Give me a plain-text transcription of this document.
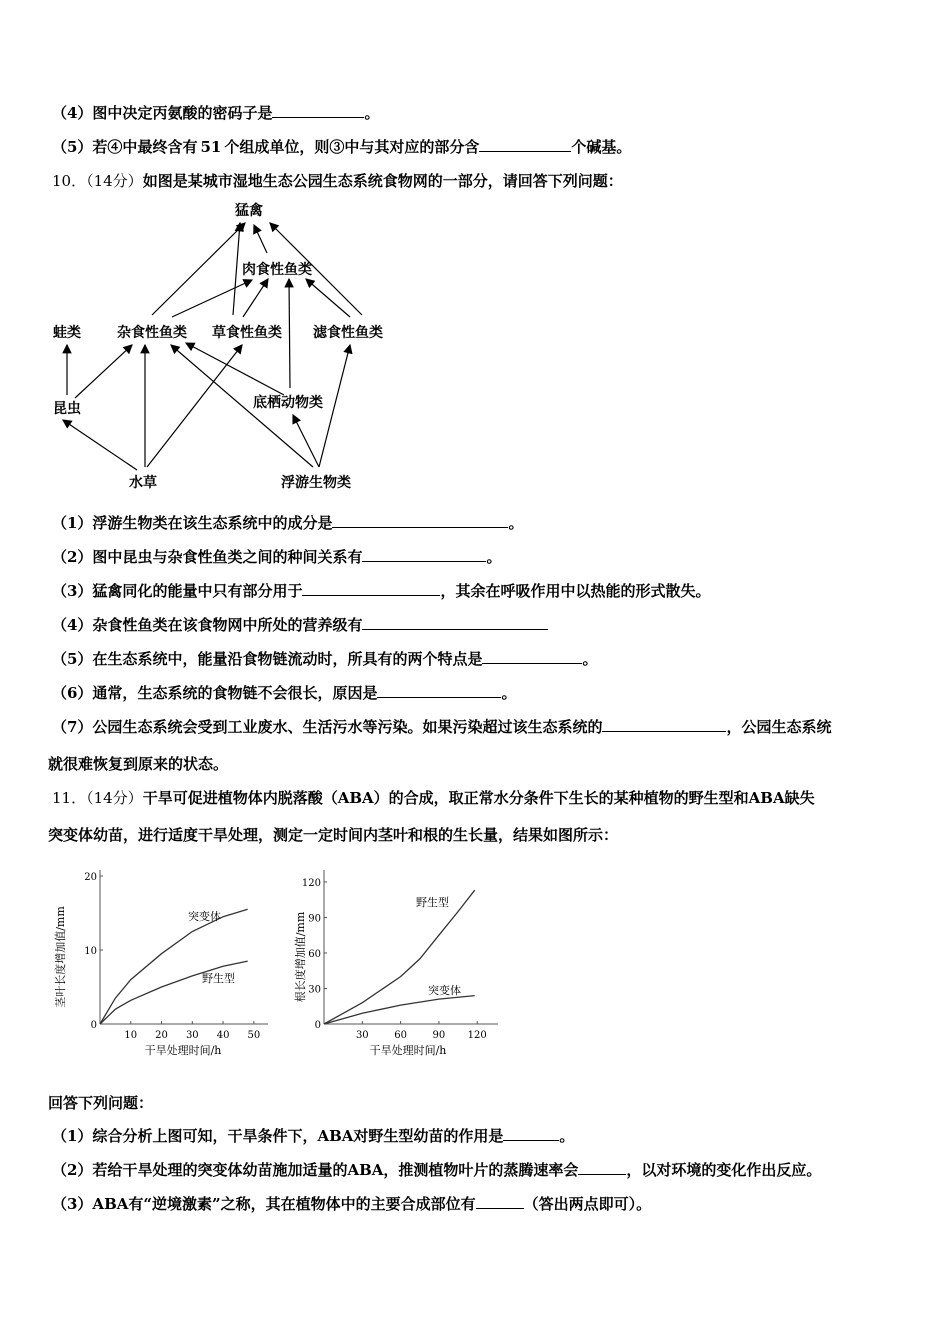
（4）图中决定丙氨酸的密码子是	。
（5）若④中最终含有 51 个组成单位，则③中与其对应的部分含	个碱基。
10．（14分）如图是某城市湿地生态公园生态系统食物网的一部分，请回答下列问题：
猛禽
肉食性鱼类
蛙类	杂食性鱼类 草食性鱼类 滤食性鱼类
昆虫	底栖动物类
水草	浮游生物类
（1）浮游生物类在该生态系统中的成分是	。
（2）图中昆虫与杂食性鱼类之间的种间关系有	。
（3）猛禽同化的能量中只有部分用于	，其余在呼吸作用中以热能的形式散失。
（4）杂食性鱼类在该食物网中所处的营养级有
（5）在生态系统中，能量沿食物链流动时，所具有的两个特点是	。
（6）通常，生态系统的食物链不会很长，原因是	。
（7）公园生态系统会受到工业废水、生活污水等污染。如果污染超过该生态系统的	，公园生态系统
就很难恢复到原来的状态。
11．（14分）干旱可促进植物体内脱落酸（ABA）的合成，取正常水分条件下生长的某种植物的野生型和ABA缺失
突变体幼苗，进行适度干旱处理，测定一定时间内茎叶和根的生长量，结果如图所示：
茎叶长度增加值/mm
干旱处理时间/h
0
10 20 30 40 50
10
20
突变体
野生型	根长度增加值/mm
干旱处理时间/h
0
30	60	90 120
30
60
90
120
野生型
突变体
回答下列问题：
（1）综合分析上图可知，干旱条件下，ABA对野生型幼苗的作用是	。
（2）若给干旱处理的突变体幼苗施加适量的ABA，推测植物叶片的蒸腾速率会	，以对环境的变化作出反应。
（3）ABA有“逆境激素”之称，其在植物体中的主要合成部位有	（答出两点即可）。
